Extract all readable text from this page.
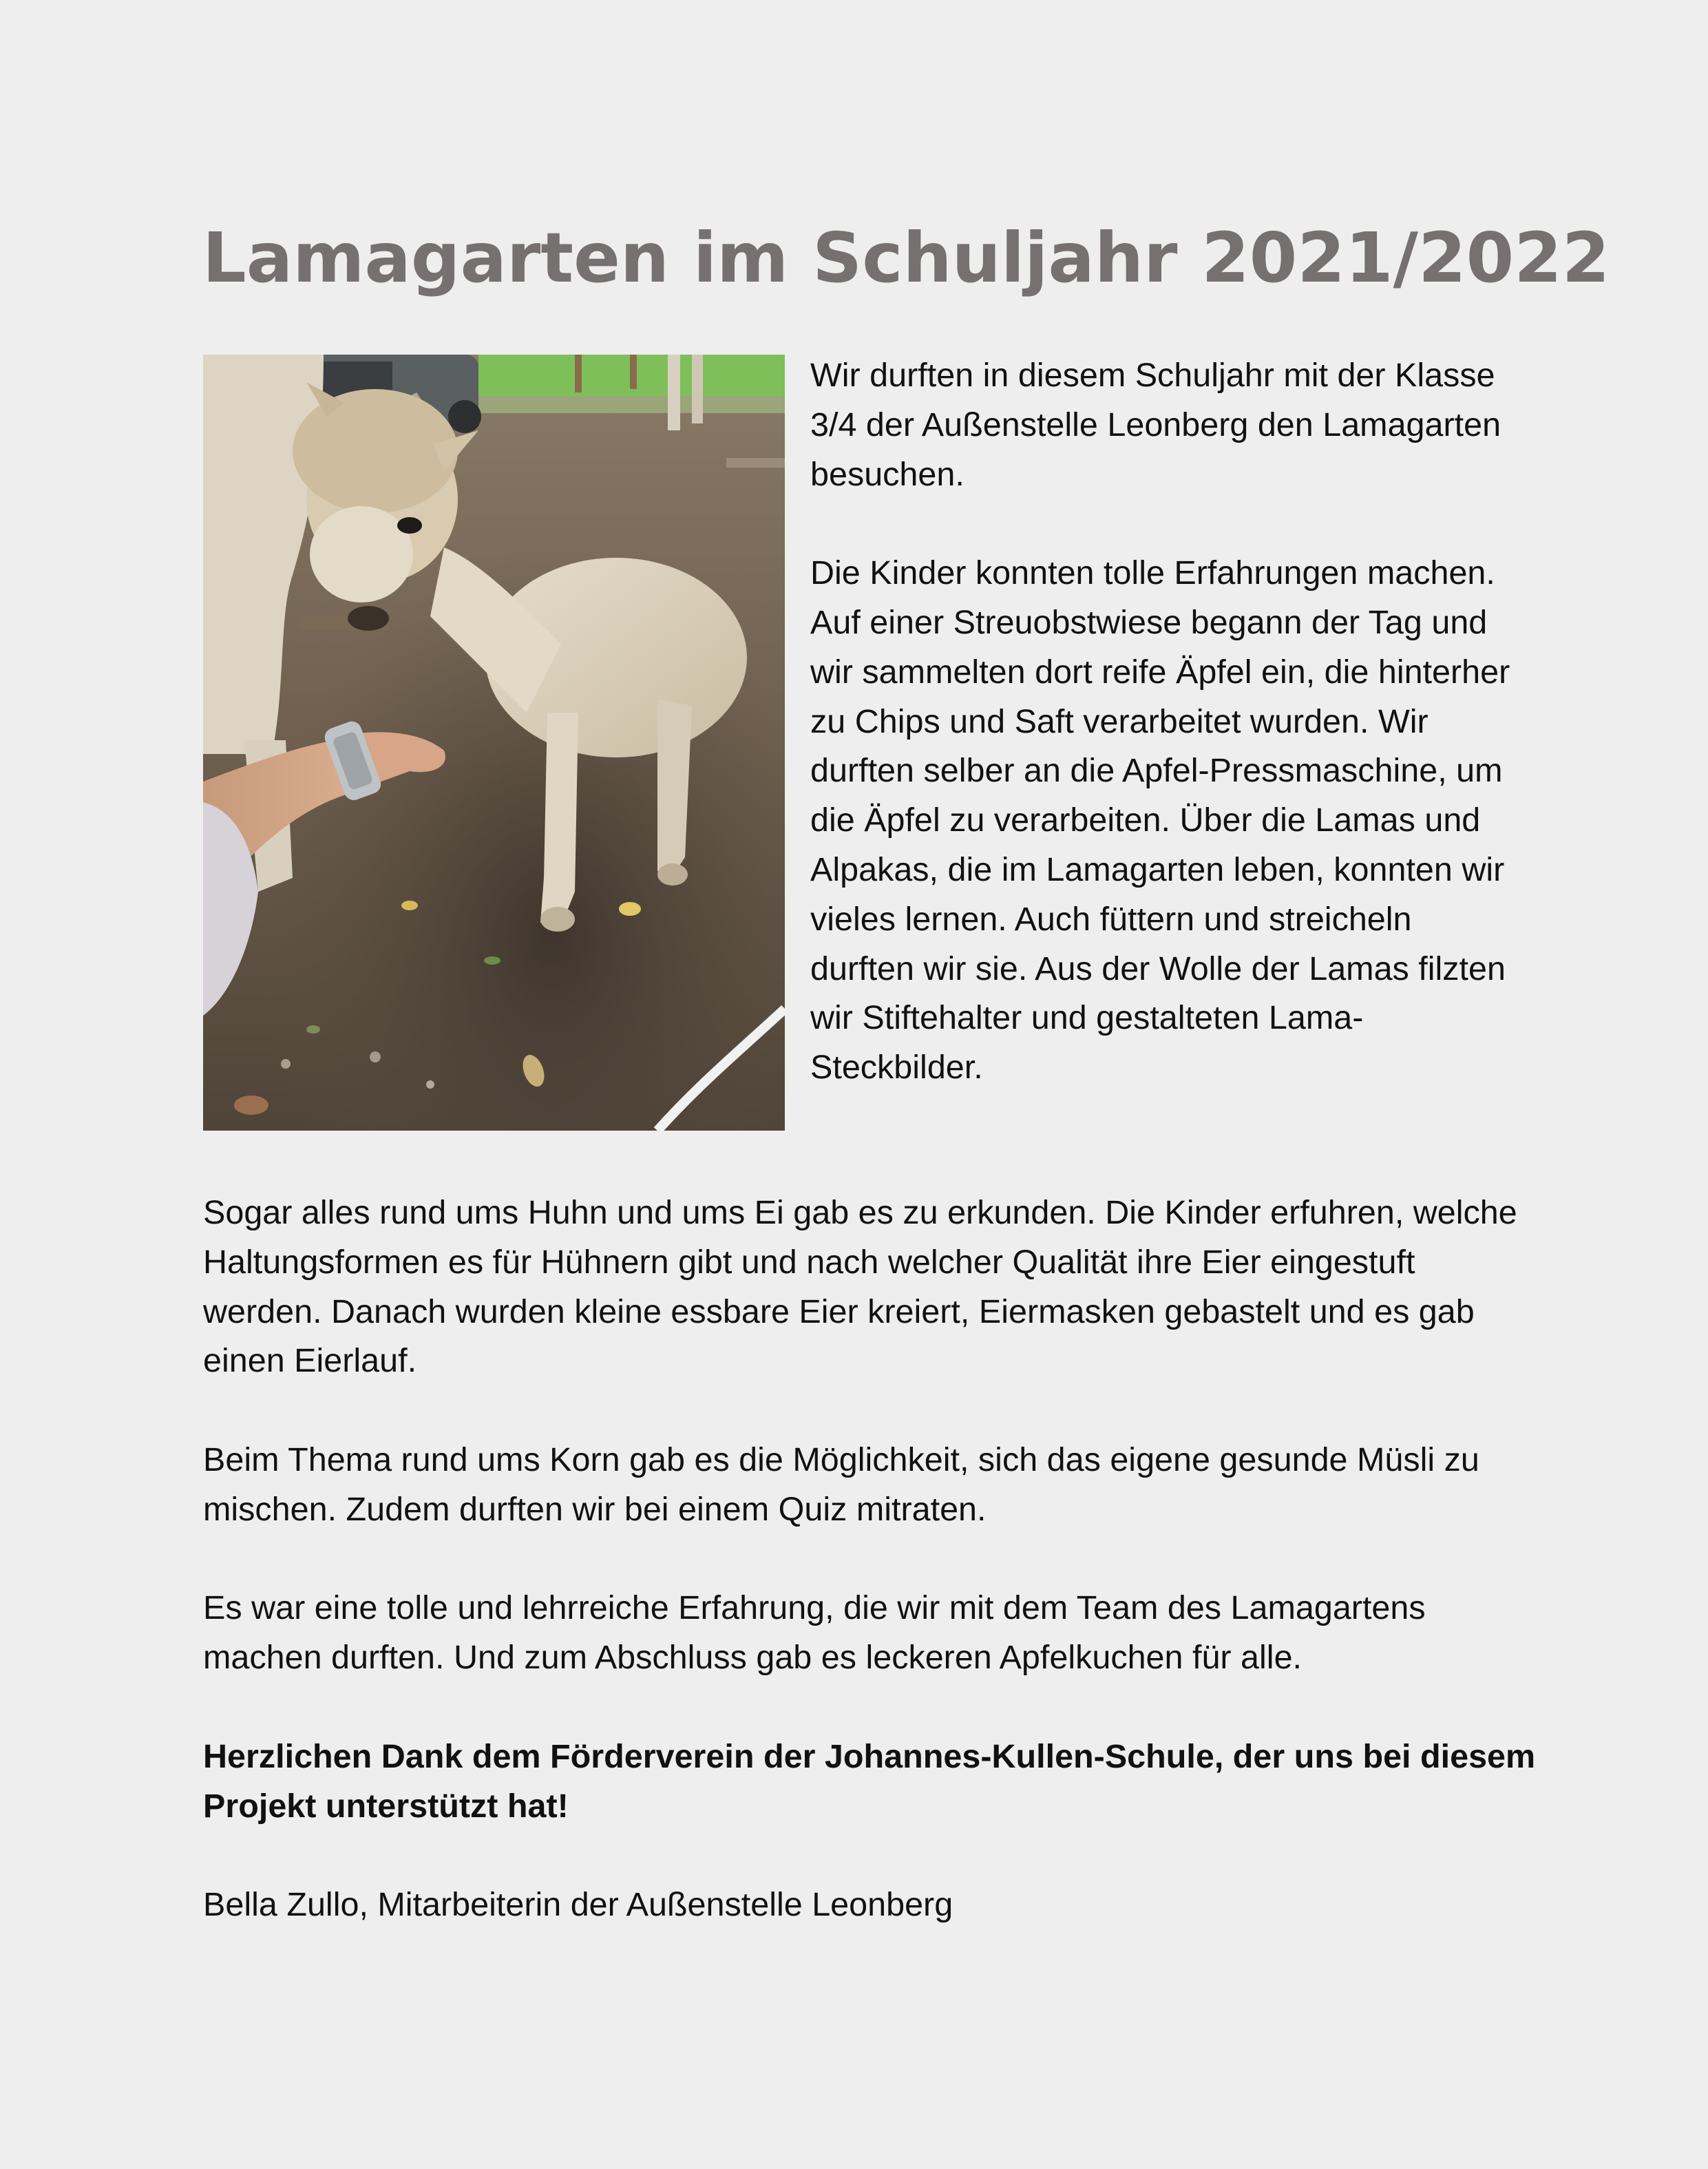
Lamagarten im Schuljahr 2021/2022

Wir durften in diesem Schuljahr mit der Klasse 3/4 der Außenstelle Leonberg den Lamagarten besuchen.

Die Kinder konnten tolle Erfahrungen machen. Auf einer Streuobstwiese begann der Tag und wir sammelten dort reife Äpfel ein, die hinterher zu Chips und Saft verarbeitet wurden. Wir durften selber an die Apfel-Pressmaschine, um die Äpfel zu verarbeiten. Über die Lamas und Alpakas, die im Lamagarten leben, konnten wir vieles lernen. Auch füttern und streicheln durften wir sie. Aus der Wolle der Lamas filzten wir Stiftehalter und gestalteten Lama-Steckbilder.

Sogar alles rund ums Huhn und ums Ei gab es zu erkunden. Die Kinder erfuhren, welche Haltungsformen es für Hühnern gibt und nach welcher Qualität ihre Eier eingestuft werden. Danach wurden kleine essbare Eier kreiert, Eiermasken gebastelt und es gab einen Eierlauf.

Beim Thema rund ums Korn gab es die Möglichkeit, sich das eigene gesunde Müsli zu mischen. Zudem durften wir bei einem Quiz mitraten.

Es war eine tolle und lehrreiche Erfahrung, die wir mit dem Team des Lamagartens machen durften. Und zum Abschluss gab es leckeren Apfelkuchen für alle.

Herzlichen Dank dem Förderverein der Johannes-Kullen-Schule, der uns bei diesem Projekt unterstützt hat!

Bella Zullo, Mitarbeiterin der Außenstelle Leonberg
